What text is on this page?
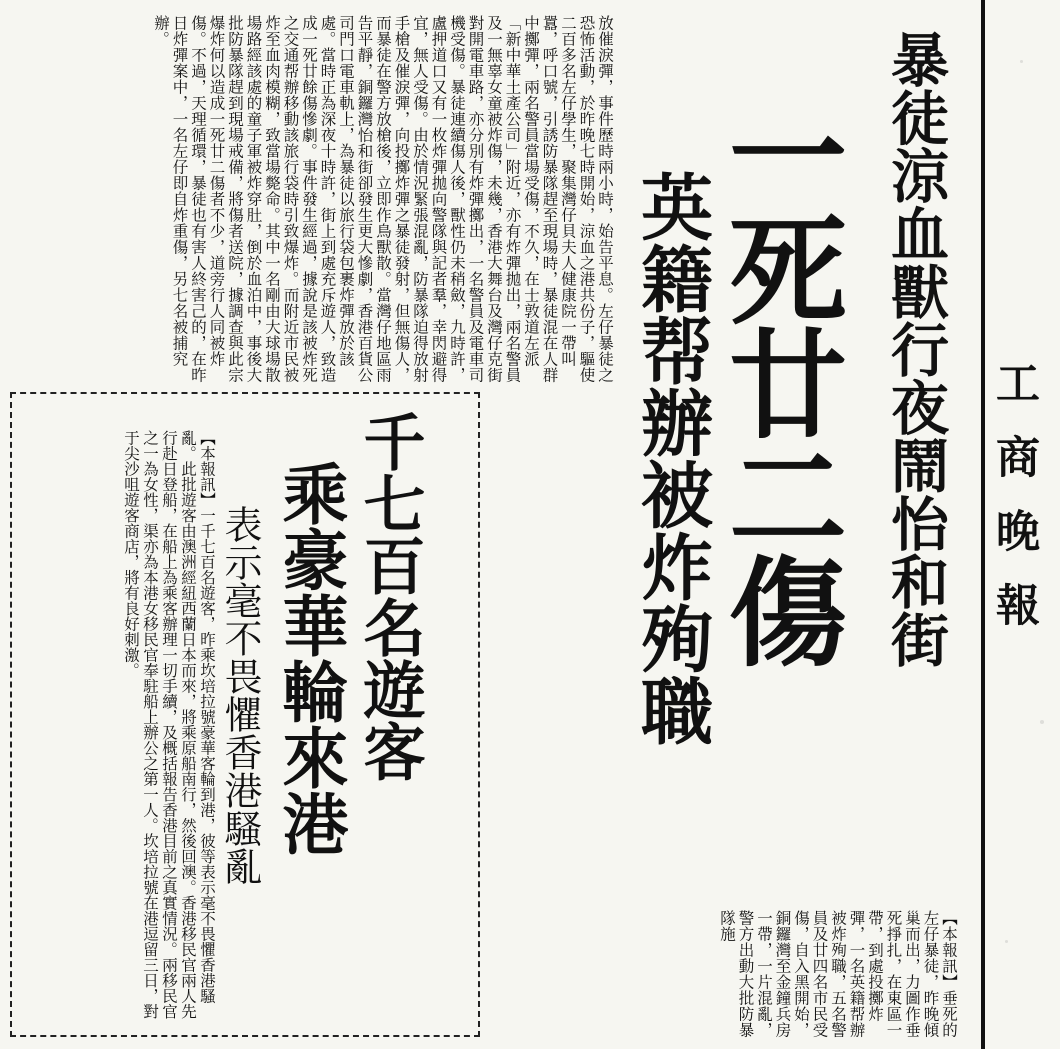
工商晚報
暴徒涼血獸行夜鬧怡和街
一死廿二傷
英籍帮辦被炸殉職
【本報訊】垂死的左仔暴徒，昨晚傾巢而出，力圖作垂死掙扎，在東區一帶，到處投擲炸彈，一名英籍帮辦被炸殉職，五名警員及廿四名市民受傷，自入黑開始，銅鑼灣至金鐘兵房一帶，一片混亂，警方出動大批防暴隊施
放催淚彈，事件歷時兩小時，始告平息。左仔暴徒之恐怖活動，於昨晚七時開始，涼血之港共份子，驅使二百多名左仔學生，聚集灣仔貝夫人健康院一帶叫囂，呼口號，引誘防暴隊趕至現場時，暴徒混在人群中擲彈，兩名警員當場受傷，不久，在士敦道左派「新中華土產公司」附近，亦有炸彈拋出，兩名警員及一無辜女童被炸傷，未幾，香港大舞台及灣仔克街對開電車路，亦分別有炸彈擲出，一名警員及電車司機受傷。暴徒連續傷人後，獸性仍未稍斂，九時許，盧押道口又有一枚炸彈拋向警隊與記者羣，幸閃避得宜，無人受傷。由於情況緊張混亂，防暴隊迫得放射手槍及催淚彈，向投擲炸彈之暴徒發射，但無傷人，而暴徒在警方放槍後，立即作鳥獸散。當灣仔地區雨告平靜，銅鑼灣怡和街卻發生更大慘劇，香港百貨公司門口電車軌上，為暴徒以旅行袋包裹炸彈放於該處。當時正為深夜十時許，街上到處充斥遊人，致造成一死廿餘傷慘劇。事件發生經過，據說是該被炸死之交通帮辦移動該旅行袋時引致爆炸。而附近市民被炸至血肉模糊，致當場斃命。其中一名剛由大球場散場路經該處的童子軍被炸穿肚，倒於血泊中，事後大批防暴隊趕到現場戒備，將傷者送院，據調查與此宗爆炸何以造成一死廿二傷者不少，道旁行人同被炸傷。不過，天理循環，暴徒也有害人終害己的，在昨日炸彈案中，一名左仔即自炸重傷，另七名被捕究辦。
千七百名遊客
乘豪華輪來港
表示毫不畏懼香港騷亂
【本報訊】一千七百名遊客，昨乘坎培拉號豪華客輪到港，彼等表示毫不畏懼香港騷亂。此批遊客由澳洲經紐西蘭日本而來，將乘原船南行，然後回澳。香港移民官兩人先行赴日登船，在船上為乘客辦理一切手續，及概括報告香港目前之真實情況。兩移民官之一為女性，渠亦為本港女移民官奉駐船上辦公之第一人。坎培拉號在港逗留三日，對于尖沙咀遊客商店，將有良好刺激。
